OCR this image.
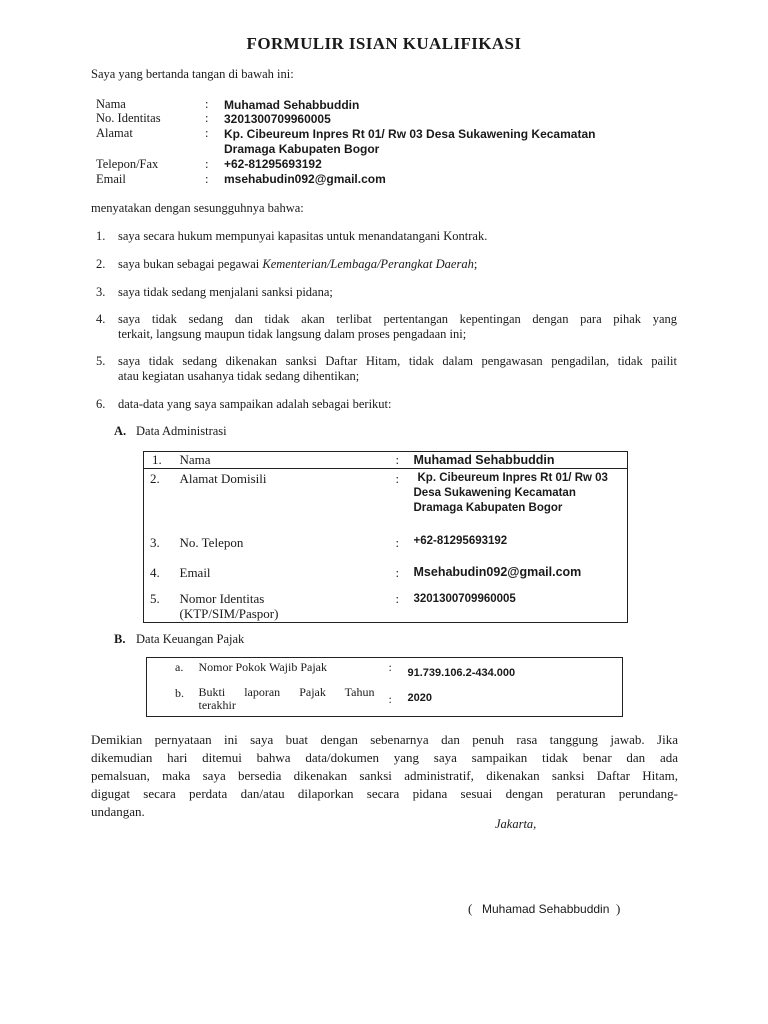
FORMULIR ISIAN KUALIFIKASI
Saya yang bertanda tangan di bawah ini:
Nama	: Muhamad Sehabbuddin
No. Identitas	: 3201300709960005
Alamat	: Kp. Cibeureum Inpres Rt 01/ Rw 03 Desa Sukawening Kecamatan
Dramaga Kabupaten Bogor
Telepon/Fax	: +62-81295693192
Email	: msehabudin092@gmail.com
menyatakan dengan sesungguhnya bahwa:
1. saya secara hukum mempunyai kapasitas untuk menandatangani Kontrak.
2. saya bukan sebagai pegawai Kementerian/Lembaga/Perangkat Daerah;
3. saya tidak sedang menjalani sanksi pidana;
4. saya tidak sedang dan tidak akan terlibat pertentangan kepentingan dengan para pihak yang
terkait, langsung maupun tidak langsung dalam proses pengadaan ini;
5. saya tidak sedang dikenakan sanksi Daftar Hitam, tidak dalam pengawasan pengadilan, tidak pailit
atau kegiatan usahanya tidak sedang dihentikan;
6. data-data yang saya sampaikan adalah sebagai berikut:
A. Data Administrasi
1.	Nama	:	Muhamad Sehabbuddin
2.	Alamat Domisili	:	Kp. Cibeureum Inpres Rt 01/ Rw 03
Desa Sukawening Kecamatan
Dramaga Kabupaten Bogor

3.	No. Telepon	:	+62-81295693192
4.	Email	:	Msehabudin092@gmail.com
5.	Nomor Identitas
(KTP/SIM/Paspor)	:	3201300709960005
B. Data Keuangan Pajak
a.	Nomor Pokok Wajib Pajak	:	91.739.106.2-434.000
b.	Bukti laporan Pajak Tahun
terakhir	:	2020
Demikian pernyataan ini saya buat dengan sebenarnya dan penuh rasa tanggung jawab. Jika
dikemudian hari ditemui bahwa data/dokumen yang saya sampaikan tidak benar dan ada
pemalsuan, maka saya bersedia dikenakan sanksi administratif, dikenakan sanksi Daftar Hitam,
digugat secara perdata dan/atau dilaporkan secara pidana sesuai dengan peraturan perundang-
undangan.
Jakarta,
( Muhamad Sehabbuddin )
